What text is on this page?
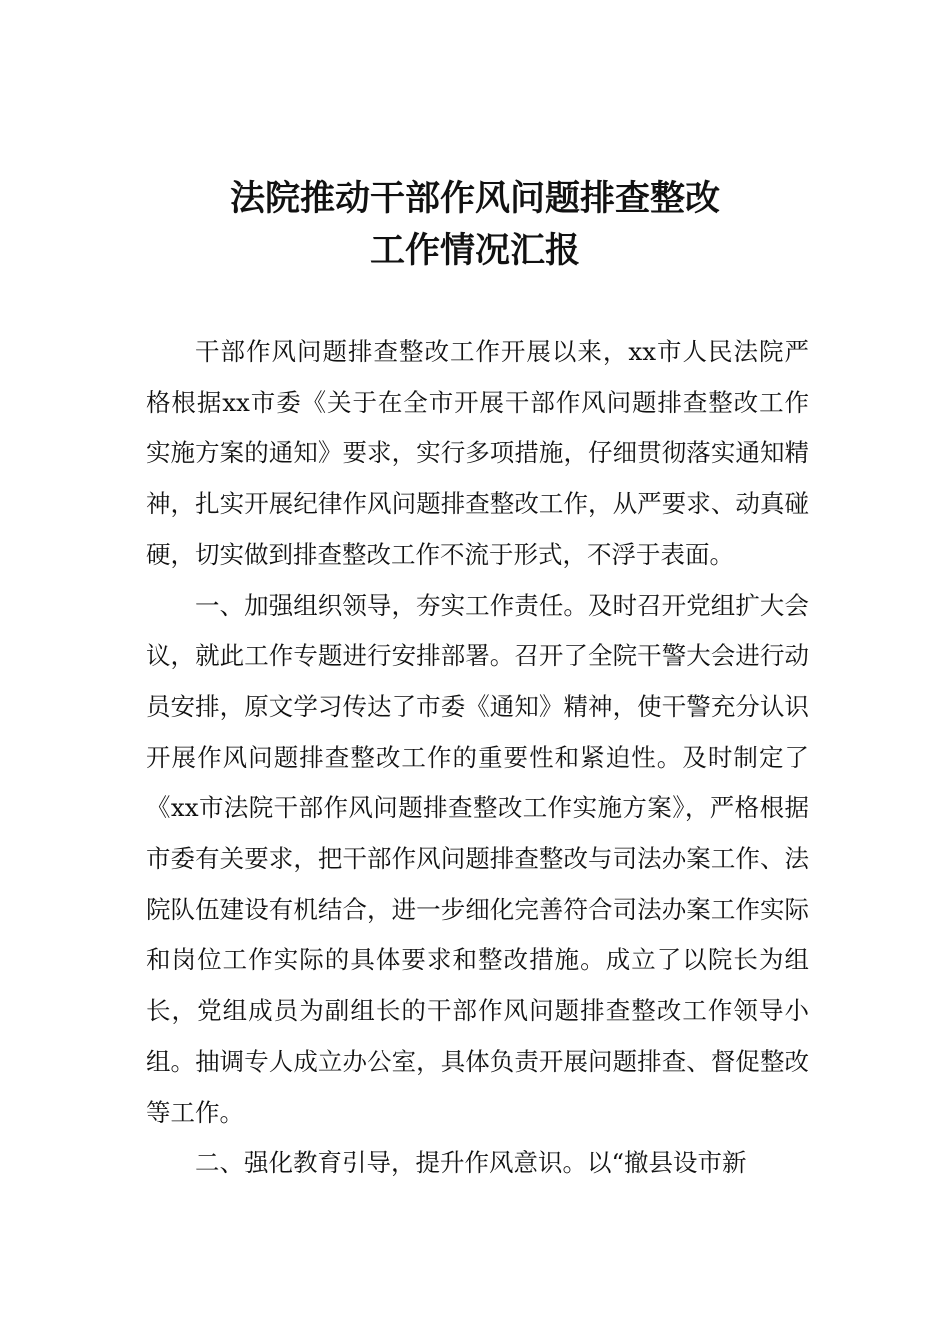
法院推动干部作风问题排查整改
工作情况汇报

干部作风问题排查整改工作开展以来，xx市人民法院严格根据xx市委《关于在全市开展干部作风问题排查整改工作实施方案的通知》要求，实行多项措施，仔细贯彻落实通知精神，扎实开展纪律作风问题排查整改工作，从严要求、动真碰硬，切实做到排查整改工作不流于形式，不浮于表面。

一、加强组织领导，夯实工作责任。及时召开党组扩大会议，就此工作专题进行安排部署。召开了全院干警大会进行动员安排，原文学习传达了市委《通知》精神，使干警充分认识开展作风问题排查整改工作的重要性和紧迫性。及时制定了《xx市法院干部作风问题排查整改工作实施方案》，严格根据市委有关要求，把干部作风问题排查整改与司法办案工作、法院队伍建设有机结合，进一步细化完善符合司法办案工作实际和岗位工作实际的具体要求和整改措施。成立了以院长为组长，党组成员为副组长的干部作风问题排查整改工作领导小组。抽调专人成立办公室，具体负责开展问题排查、督促整改等工作。

二、强化教育引导，提升作风意识。以“撤县设市新
